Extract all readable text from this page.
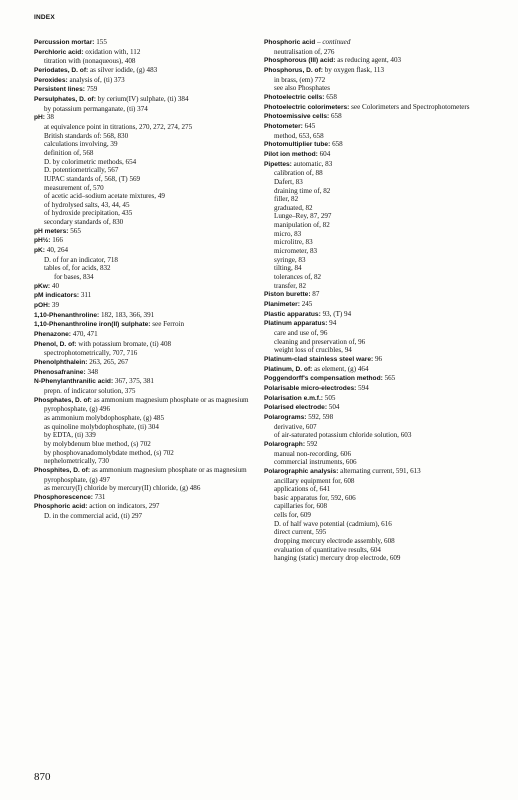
INDEX

Percussion mortar: 155

Perchloric acid: oxidation with, 112

titration with (nonaqueous), 408

Periodates, D. of: as silver iodide, (g) 483

Peroxides: analysis of, (ti) 373

Persistent lines: 759

Persulphates, D. of: by cerium(IV) sulphate, (ti) 384

by potassium permanganate, (ti) 374

pH: 38

at equivalence point in titrations, 270, 272, 274, 275

British standards of: 568, 830

calculations involving, 39

definition of, 568

D. by colorimetric methods, 654

D. potentiometrically, 567

IUPAC standards of, 568, (T) 569

measurement of, 570

of acetic acid–sodium acetate mixtures, 49

of hydrolysed salts, 43, 44, 45

of hydroxide precipitation, 435

secondary standards of, 830

pH meters: 565

pH½: 166

pK: 40, 264

D. of for an indicator, 718

tables of, for acids, 832

for bases, 834

pKw: 40

pM indicators: 311

pOH: 39

1,10-Phenanthroline: 182, 183, 366, 391

1,10-Phenanthroline iron(II) sulphate: see Ferroin

Phenazone: 470, 471

Phenol, D. of: with potassium bromate, (ti) 408

spectrophotometrically, 707, 716

Phenolphthalein: 263, 265, 267

Phenosafranine: 348

N-Phenylanthranilic acid: 367, 375, 381

prepn. of indicator solution, 375

Phosphates, D. of: as ammonium magnesium phosphate or as magnesium pyrophosphate, (g) 496

as ammonium molybdophosphate, (g) 485

as quinoline molybdophosphate, (ti) 304

by EDTA, (ti) 339

by molybdenum blue method, (s) 702

by phosphovanadomolybdate method, (s) 702

nephelometrically, 730

Phosphites, D. of: as ammonium magnesium phosphate or as magnesium pyrophosphate, (g) 497

as mercury(I) chloride by mercury(II) chloride, (g) 486

Phosphorescence: 731

Phosphoric acid: action on indicators, 297

D. in the commercial acid, (ti) 297

Phosphoric acid – continued

neutralisation of, 276

Phosphorous (III) acid: as reducing agent, 403

Phosphorus, D. of: by oxygen flask, 113

in brass, (em) 772

see also Phosphates

Photoelectric cells: 658

Photoelectric colorimeters: see Colorimeters and Spectrophotometers

Photoemissive cells: 658

Photometer: 645

method, 653, 658

Photomultiplier tube: 658

Pilot ion method: 604

Pipettes: automatic, 83

calibration of, 88

Dafert, 83

draining time of, 82

filler, 82

graduated, 82

Lunge–Rey, 87, 297

manipulation of, 82

micro, 83

microlitre, 83

micrometer, 83

syringe, 83

tilting, 84

tolerances of, 82

transfer, 82

Piston burette: 87

Planimeter: 245

Plastic apparatus: 93, (T) 94

Platinum apparatus: 94

care and use of, 96

cleaning and preservation of, 96

weight loss of crucibles, 94

Platinum-clad stainless steel ware: 96

Platinum, D. of: as element, (g) 464

Poggendorff's compensation method: 565

Polarisable micro-electrodes: 594

Polarisation e.m.f.: 505

Polarised electrode: 504

Polarograms: 592, 598

derivative, 607

of air-saturated potassium chloride solution, 603

Polarograph: 592

manual non-recording, 606

commercial instruments, 606

Polarographic analysis: alternating current, 591, 613

ancillary equipment for, 608

applications of, 641

basic apparatus for, 592, 606

capillaries for, 608

cells for, 609

D. of half wave potential (cadmium), 616

direct current, 595

dropping mercury electrode assembly, 608

evaluation of quantitative results, 604

hanging (static) mercury drop electrode, 609

870
